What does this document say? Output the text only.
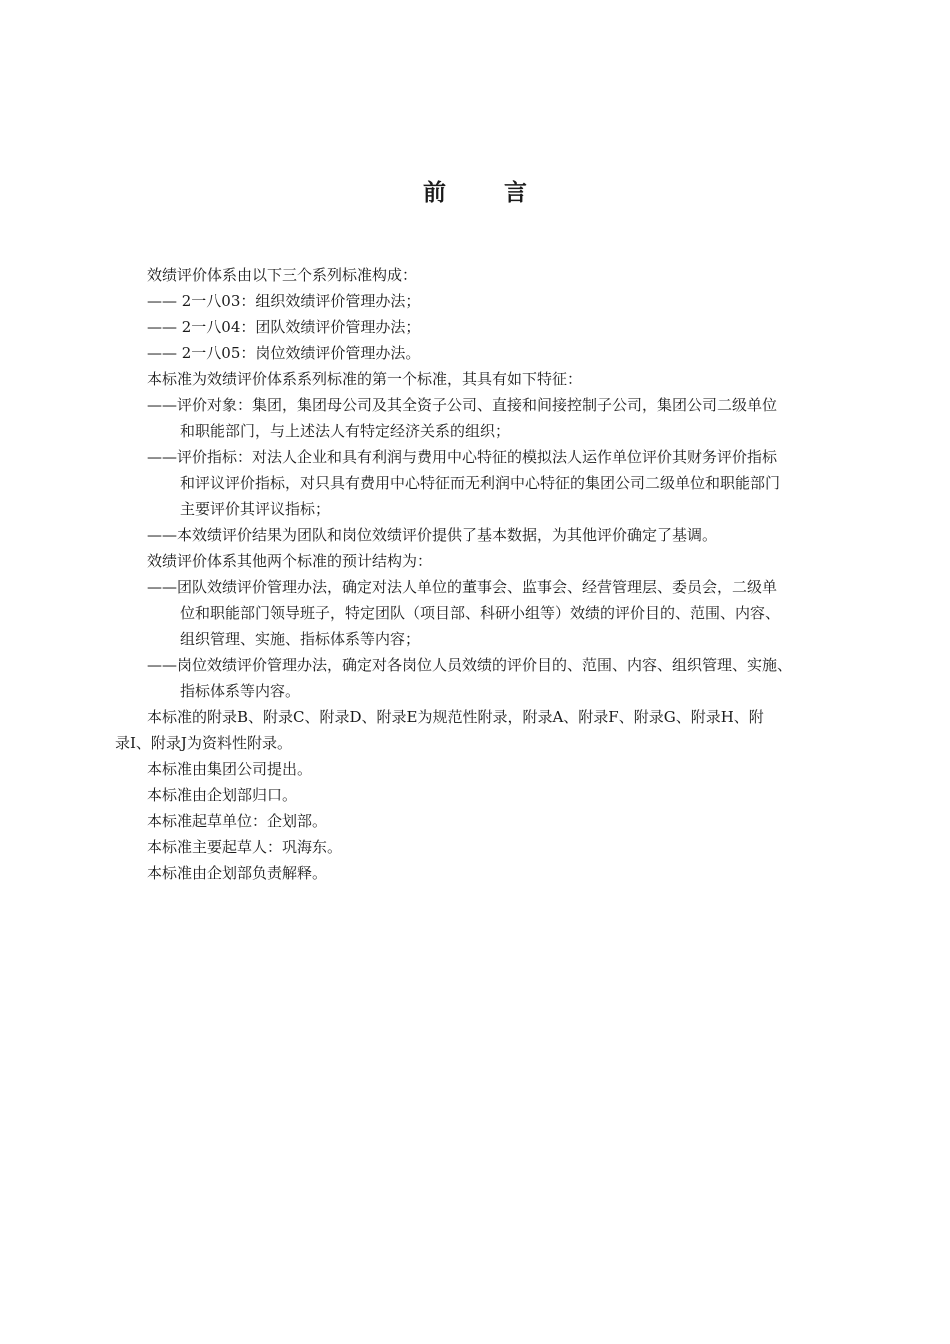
前	言

效绩评价体系由以下三个系列标准构成：

—— 2一八03：组织效绩评价管理办法；

—— 2一八04：团队效绩评价管理办法；

—— 2一八05：岗位效绩评价管理办法。

本标准为效绩评价体系系列标准的第一个标准，其具有如下特征：

——评价对象：集团，集团母公司及其全资子公司、直接和间接控制子公司，集团公司二级单位

和职能部门，与上述法人有特定经济关系的组织；

——评价指标：对法人企业和具有利润与费用中心特征的模拟法人运作单位评价其财务评价指标

和评议评价指标，对只具有费用中心特征而无利润中心特征的集团公司二级单位和职能部门

主要评价其评议指标；

——本效绩评价结果为团队和岗位效绩评价提供了基本数据，为其他评价确定了基调。

效绩评价体系其他两个标准的预计结构为：

——团队效绩评价管理办法，确定对法人单位的董事会、监事会、经营管理层、委员会，二级单

位和职能部门领导班子，特定团队（项目部、科研小组等）效绩的评价目的、范围、内容、

组织管理、实施、指标体系等内容；

——岗位效绩评价管理办法，确定对各岗位人员效绩的评价目的、范围、内容、组织管理、实施、

指标体系等内容。

本标准的附录B、附录C、附录D、附录E为规范性附录，附录A、附录F、附录G、附录H、附

录I、附录J为资料性附录。

本标准由集团公司提出。

本标准由企划部归口。

本标准起草单位：企划部。

本标准主要起草人：巩海东。

本标准由企划部负责解释。
